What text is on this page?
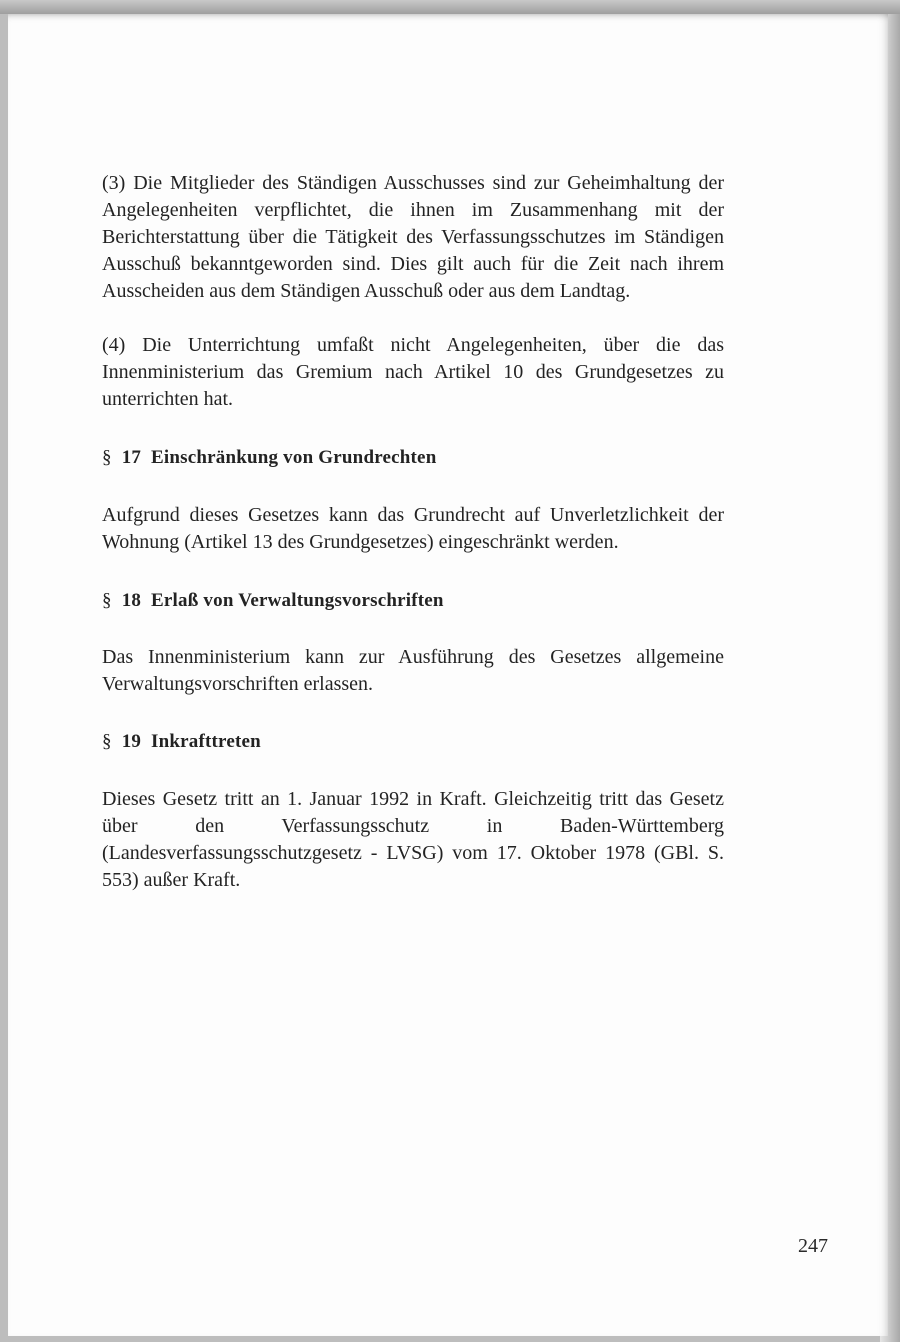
(3) Die Mitglieder des Ständigen Ausschusses sind zur Geheimhaltung der Angelegenheiten verpflichtet, die ihnen im Zusammenhang mit der Berichterstattung über die Tätigkeit des Verfassungsschutzes im Ständigen Ausschuß bekanntgeworden sind. Dies gilt auch für die Zeit nach ihrem Ausscheiden aus dem Ständigen Ausschuß oder aus dem Landtag.

(4) Die Unterrichtung umfaßt nicht Angelegenheiten, über die das Innenministerium das Gremium nach Artikel 10 des Grundgesetzes zu unterrichten hat.

§ 17 Einschränkung von Grundrechten

Aufgrund dieses Gesetzes kann das Grundrecht auf Unverletzlichkeit der Wohnung (Artikel 13 des Grundgesetzes) eingeschränkt werden.

§ 18 Erlaß von Verwaltungsvorschriften

Das Innenministerium kann zur Ausführung des Gesetzes allgemeine Verwaltungsvorschriften erlassen.

§ 19 Inkrafttreten

Dieses Gesetz tritt an 1. Januar 1992 in Kraft. Gleichzeitig tritt das Gesetz über den Verfassungsschutz in Baden-Württemberg (Landesverfassungsschutzgesetz - LVSG) vom 17. Oktober 1978 (GBl. S. 553) außer Kraft.

247
